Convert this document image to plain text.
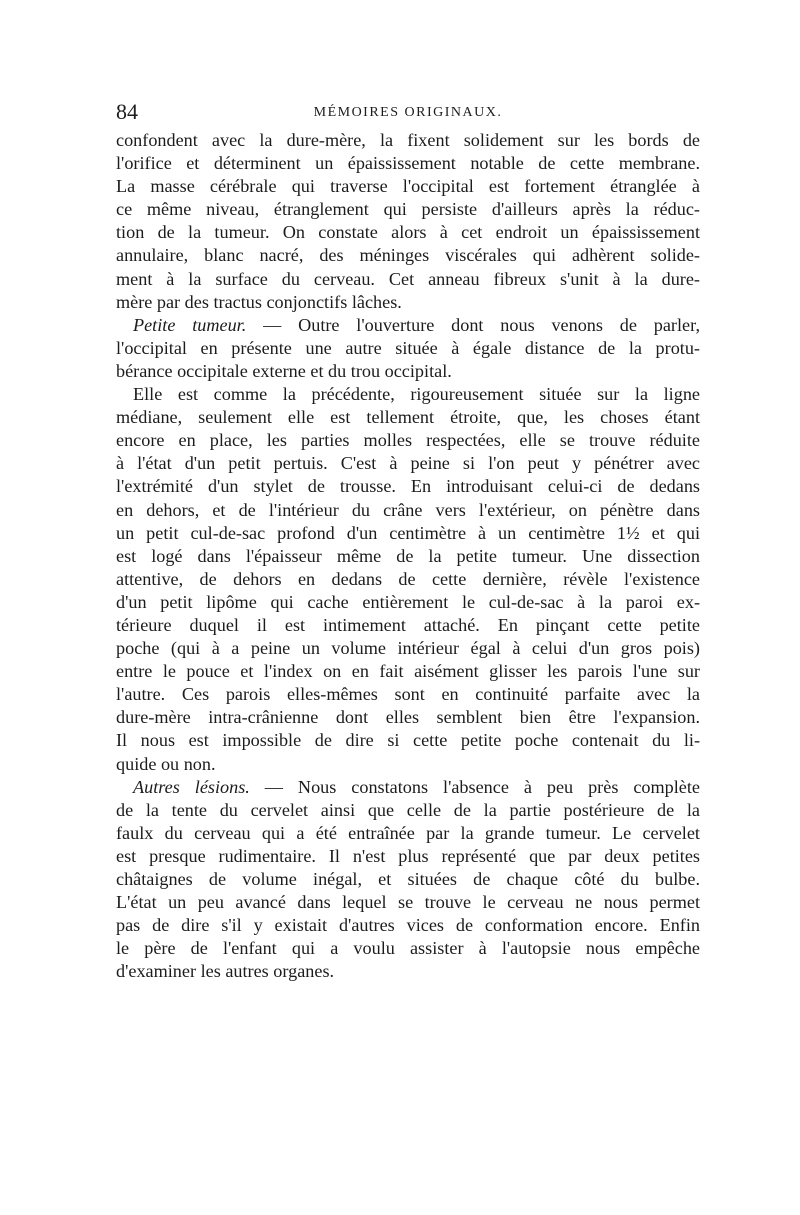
84	MÉMOIRES ORIGINAUX.
confondent avec la dure-mère, la fixent solidement sur les bords de
l'orifice et déterminent un épaississement notable de cette membrane.
La masse cérébrale qui traverse l'occipital est fortement étranglée à
ce même niveau, étranglement qui persiste d'ailleurs après la réduc-
tion de la tumeur. On constate alors à cet endroit un épaississement
annulaire, blanc nacré, des méninges viscérales qui adhèrent solide-
ment à la surface du cerveau. Cet anneau fibreux s'unit à la dure-
mère par des tractus conjonctifs lâches.
Petite tumeur. — Outre l'ouverture dont nous venons de parler,
l'occipital en présente une autre située à égale distance de la protu-
bérance occipitale externe et du trou occipital.
Elle est comme la précédente, rigoureusement située sur la ligne
médiane, seulement elle est tellement étroite, que, les choses étant
encore en place, les parties molles respectées, elle se trouve réduite
à l'état d'un petit pertuis. C'est à peine si l'on peut y pénétrer avec
l'extrémité d'un stylet de trousse. En introduisant celui-ci de dedans
en dehors, et de l'intérieur du crâne vers l'extérieur, on pénètre dans
un petit cul-de-sac profond d'un centimètre à un centimètre 1½ et qui
est logé dans l'épaisseur même de la petite tumeur. Une dissection
attentive, de dehors en dedans de cette dernière, révèle l'existence
d'un petit lipôme qui cache entièrement le cul-de-sac à la paroi ex-
térieure duquel il est intimement attaché. En pinçant cette petite
poche (qui à a peine un volume intérieur égal à celui d'un gros pois)
entre le pouce et l'index on en fait aisément glisser les parois l'une sur
l'autre. Ces parois elles-mêmes sont en continuité parfaite avec la
dure-mère intra-crânienne dont elles semblent bien être l'expansion.
Il nous est impossible de dire si cette petite poche contenait du li-
quide ou non.
Autres lésions. — Nous constatons l'absence à peu près complète
de la tente du cervelet ainsi que celle de la partie postérieure de la
faulx du cerveau qui a été entraînée par la grande tumeur. Le cervelet
est presque rudimentaire. Il n'est plus représenté que par deux petites
châtaignes de volume inégal, et situées de chaque côté du bulbe.
L'état un peu avancé dans lequel se trouve le cerveau ne nous permet
pas de dire s'il y existait d'autres vices de conformation encore. Enfin
le père de l'enfant qui a voulu assister à l'autopsie nous empêche
d'examiner les autres organes.
